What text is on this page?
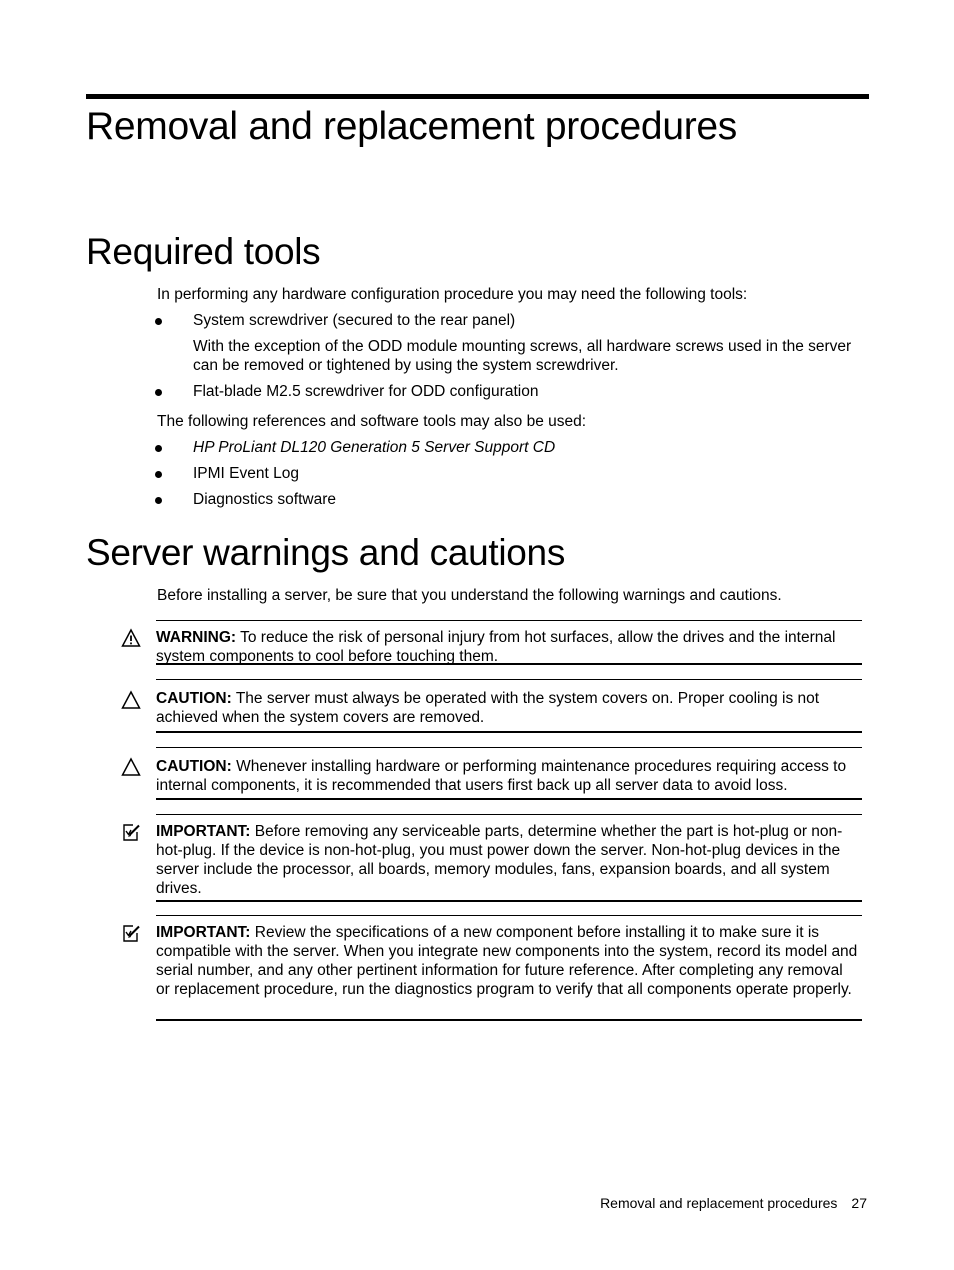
Removal and replacement procedures
Required tools

In performing any hardware configuration procedure you may need the following tools:

System screwdriver (secured to the rear panel)

With the exception of the ODD module mounting screws, all hardware screws used in the server can be removed or tightened by using the system screwdriver.

Flat-blade M2.5 screwdriver for ODD configuration

The following references and software tools may also be used:

HP ProLiant DL120 Generation 5 Server Support CD

IPMI Event Log

Diagnostics software

Server warnings and cautions

Before installing a server, be sure that you understand the following warnings and cautions.

WARNING: To reduce the risk of personal injury from hot surfaces, allow the drives and the internal system components to cool before touching them.

CAUTION: The server must always be operated with the system covers on. Proper cooling is not achieved when the system covers are removed.

CAUTION: Whenever installing hardware or performing maintenance procedures requiring access to internal components, it is recommended that users first back up all server data to avoid loss.

IMPORTANT: Before removing any serviceable parts, determine whether the part is hot-plug or non-hot-plug. If the device is non-hot-plug, you must power down the server. Non-hot-plug devices in the server include the processor, all boards, memory modules, fans, expansion boards, and all system drives.

IMPORTANT: Review the specifications of a new component before installing it to make sure it is compatible with the server. When you integrate new components into the system, record its model and serial number, and any other pertinent information for future reference. After completing any removal or replacement procedure, run the diagnostics program to verify that all components operate properly.

Removal and replacement procedures 27
